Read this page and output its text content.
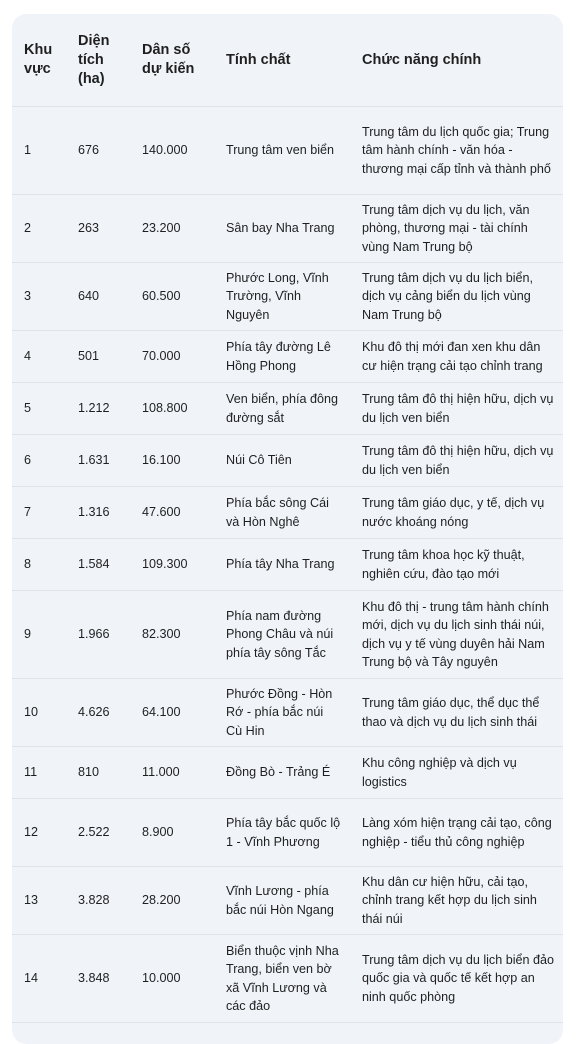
Khu vực	Diện tích (ha)	Dân số dự kiến	Tính chất	Chức năng chính
1	676	140.000	Trung tâm ven biển	Trung tâm du lịch quốc gia; Trung tâm hành chính - văn hóa - thương mại cấp tỉnh và thành phố
2	263	23.200	Sân bay Nha Trang	Trung tâm dịch vụ du lịch, văn phòng, thương mại - tài chính vùng Nam Trung bộ
3	640	60.500	Phước Long, Vĩnh Trường, Vĩnh Nguyên	Trung tâm dịch vụ du lịch biển, dịch vụ cảng biển du lịch vùng Nam Trung bộ
4	501	70.000	Phía tây đường Lê Hồng Phong	Khu đô thị mới đan xen khu dân cư hiện trạng cải tạo chỉnh trang
5	1.212	108.800	Ven biển, phía đông đường sắt	Trung tâm đô thị hiện hữu, dịch vụ du lịch ven biển
6	1.631	16.100	Núi Cô Tiên	Trung tâm đô thị hiện hữu, dịch vụ du lịch ven biển
7	1.316	47.600	Phía bắc sông Cái và Hòn Nghê	Trung tâm giáo dục, y tế, dịch vụ nước khoáng nóng
8	1.584	109.300	Phía tây Nha Trang	Trung tâm khoa học kỹ thuật, nghiên cứu, đào tạo mới
9	1.966	82.300	Phía nam đường Phong Châu và núi phía tây sông Tắc	Khu đô thị - trung tâm hành chính mới, dịch vụ du lịch sinh thái núi, dịch vụ y tế vùng duyên hải Nam Trung bộ và Tây nguyên
10	4.626	64.100	Phước Đồng - Hòn Rớ - phía bắc núi Cù Hin	Trung tâm giáo dục, thể dục thể thao và dịch vụ du lịch sinh thái
11	810	11.000	Đồng Bò - Trảng É	Khu công nghiệp và dịch vụ logistics
12	2.522	8.900	Phía tây bắc quốc lộ 1 - Vĩnh Phương	Làng xóm hiện trạng cải tạo, công nghiệp - tiểu thủ công nghiệp
13	3.828	28.200	Vĩnh Lương - phía bắc núi Hòn Ngang	Khu dân cư hiện hữu, cải tạo, chỉnh trang kết hợp du lịch sinh thái núi
14	3.848	10.000	Biển thuộc vịnh Nha Trang, biển ven bờ xã Vĩnh Lương và các đảo	Trung tâm dịch vụ du lịch biển đảo quốc gia và quốc tế kết hợp an ninh quốc phòng
